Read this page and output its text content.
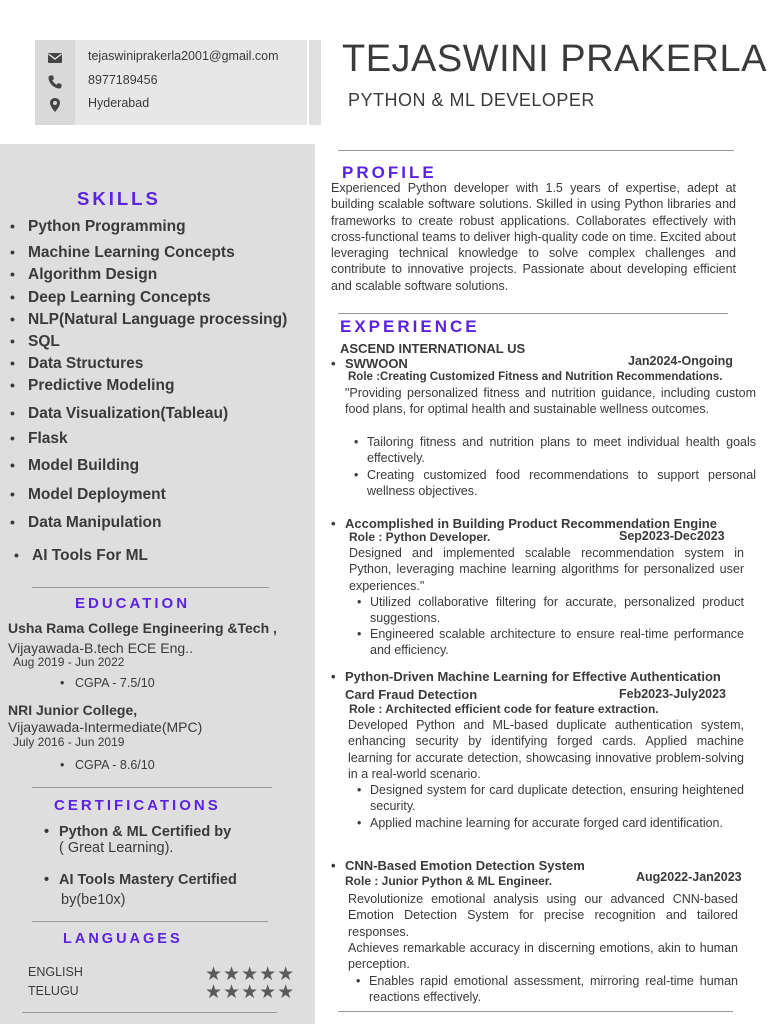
tejaswiniprakerla2001@gmail.com
8977189456
Hyderabad
TEJASWINI PRAKERLA
PYTHON & ML DEVELOPER
SKILLS
• Python Programming
• Machine Learning Concepts
• Algorithm Design
• Deep Learning Concepts
• NLP(Natural Language processing)
• SQL
• Data Structures
• Predictive Modeling
• Data Visualization(Tableau)
• Flask
• Model Building
• Model Deployment
• Data Manipulation
• AI Tools For ML
EDUCATION
Usha Rama College Engineering &Tech ,
Vijayawada-B.tech ECE Eng..
Aug 2019 - Jun 2022
• CGPA - 7.5/10
NRI Junior College,
Vijayawada-Intermediate(MPC)
July 2016 - Jun 2019
• CGPA - 8.6/10
CERTIFICATIONS
• Python & ML Certified by
( Great Learning).
• AI Tools Mastery Certified
by(be10x)
LANGUAGES
ENGLISH	★★★★★
TELUGU	★★★★★
PROFILE
Experienced Python developer with 1.5 years of expertise, adept at building scalable software solutions. Skilled in using Python libraries and frameworks to create robust applications. Collaborates effectively with cross-functional teams to deliver high-quality code on time. Excited about leveraging technical knowledge to solve complex challenges and contribute to innovative projects. Passionate about developing efficient and scalable software solutions.
EXPERIENCE
ASCEND INTERNATIONAL US
• SWWOON	Jan2024-Ongoing
Role :Creating Customized Fitness and Nutrition Recommendations.
"Providing personalized fitness and nutrition guidance, including custom food plans, for optimal health and sustainable wellness outcomes.
• Tailoring fitness and nutrition plans to meet individual health goals effectively.
• Creating customized food recommendations to support personal wellness objectives.
• Accomplished in Building Product Recommendation Engine
Role : Python Developer.	Sep2023-Dec2023
Designed and implemented scalable recommendation system in Python, leveraging machine learning algorithms for personalized user experiences."
• Utilized collaborative filtering for accurate, personalized product suggestions.
• Engineered scalable architecture to ensure real-time performance and efficiency.
• Python-Driven Machine Learning for Effective Authentication
Card Fraud Detection	Feb2023-July2023
Role : Architected efficient code for feature extraction.
Developed Python and ML-based duplicate authentication system, enhancing security by identifying forged cards. Applied machine learning for accurate detection, showcasing innovative problem-solving in a real-world scenario.
• Designed system for card duplicate detection, ensuring heightened security.
• Applied machine learning for accurate forged card identification.
• CNN-Based Emotion Detection System
Aug2022-Jan2023
Role : Junior Python & ML Engineer.
Revolutionize emotional analysis using our advanced CNN-based Emotion Detection System for precise recognition and tailored responses.
Achieves remarkable accuracy in discerning emotions, akin to human perception.
• Enables rapid emotional assessment, mirroring real-time human reactions effectively.
